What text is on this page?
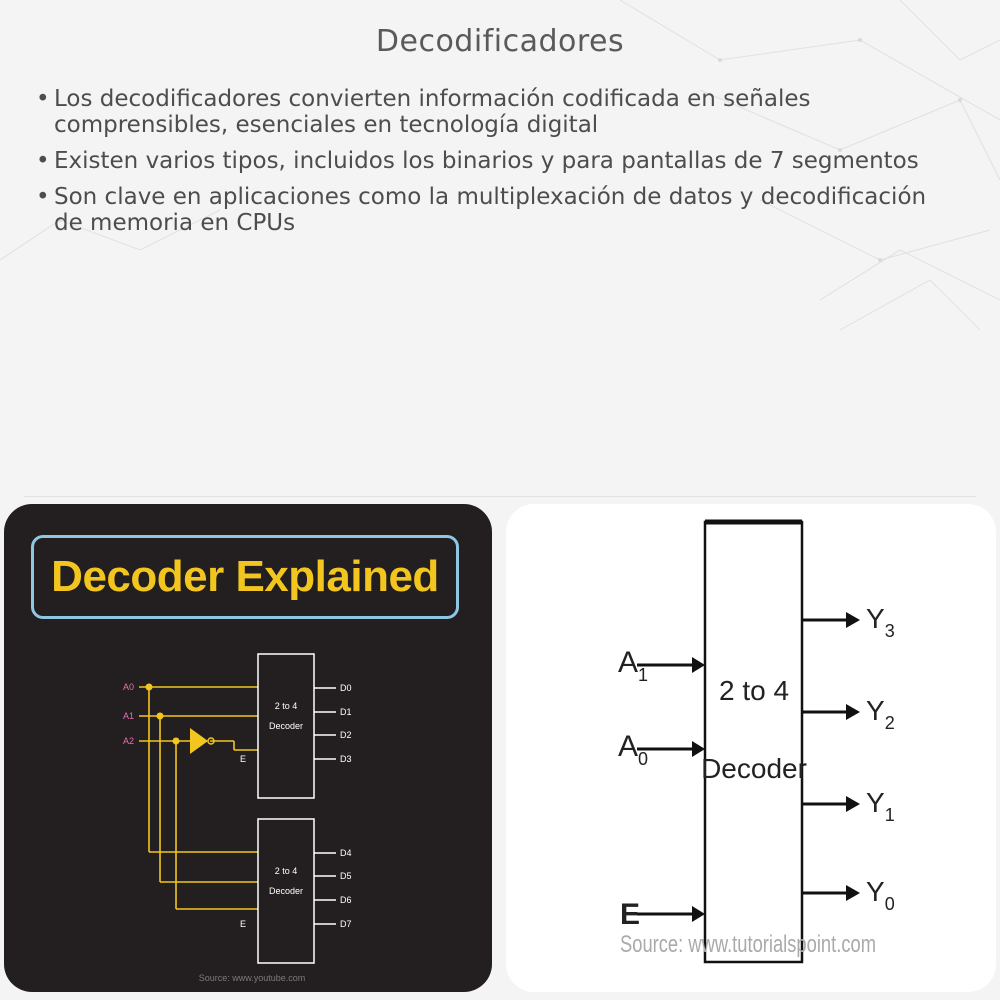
Decodificadores
• Los decodificadores convierten información codificada en señales comprensibles, esenciales en tecnología digital
• Existen varios tipos, incluidos los binarios y para pantallas de 7 segmentos
• Son clave en aplicaciones como la multiplexación de datos y decodificación de memoria en CPUs
A0
A1
A2
E
E
2 to 4
Decoder
2 to 4
Decoder
D0
D1
D2
D3
D4
D5
D6
D7
Source: www.youtube.com
Decoder Explained
$A_1$
$A_0$
E
2 to 4
Decoder
$Y_3$
$Y_2$
$Y_1$
$Y_0$
Source: www.tutorialspoint.com
